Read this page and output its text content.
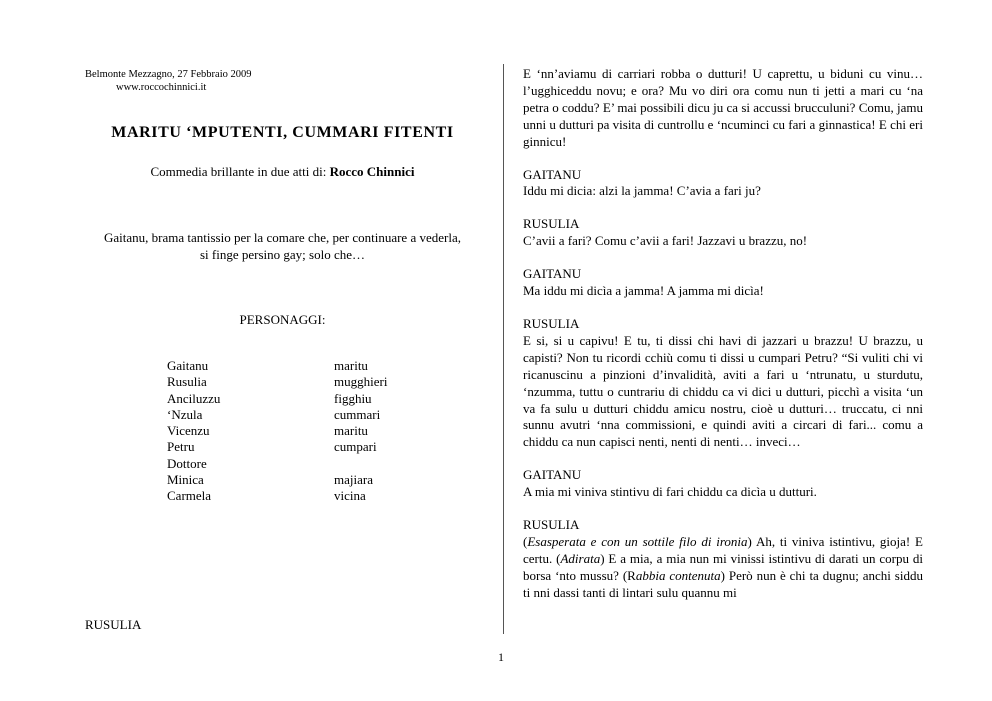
Belmonte Mezzagno, 27 Febbraio 2009
www.roccochinnici.it
MARITU ‘MPUTENTI, CUMMARI FITENTI
Commedia brillante in due atti di: Rocco Chinnici
Gaitanu, brama tantissio per la comare che, per continuare a vederla,
si finge persino gay; solo che…
PERSONAGGI:
Gaitanu	maritu
Rusulia	mugghieri
Anciluzzu	figghiu
‘Nzula	cummari
Vicenzu	maritu
Petru	cumpari
Dottore
Minica	majiara
Carmela	vicina
RUSULIA
1

E ‘nn’aviamu di carriari robba o dutturi! U caprettu, u biduni cu vinu… l’ugghiceddu novu; e ora? Mu vo diri ora comu nun ti jetti a mari cu ‘na petra o coddu? E’ mai possibili dicu ju ca si accussi brucculuni? Comu, jamu unni u dutturi pa visita di cuntrollu e ‘ncuminci cu fari a ginnastica! E chi eri ginnicu!

GAITANU
Iddu mi dicia: alzi la jamma! C’avia a fari ju?

RUSULIA
C’avii a fari? Comu c’avii a fari! Jazzavi u brazzu, no!

GAITANU
Ma iddu mi dicìa a jamma! A jamma mi dicìa!

RUSULIA
E si, si u capivu! E tu, ti dissi chi havi di jazzari u brazzu! U brazzu, u capisti? Non tu ricordi cchiù comu ti dissi u cumpari Petru? “Si vuliti chi vi ricanuscinu a pinzioni d’invalidità, aviti a fari u ‘ntrunatu, u sturdutu, ‘nzumma, tuttu o cuntrariu di chiddu ca vi dici u dutturi, picchì a visita ‘un va fa sulu u dutturi chiddu amicu nostru, cioè u dutturi… truccatu, ci nni sunnu avutri ‘nna commissioni, e quindi aviti a circari di fari... comu a chiddu ca nun capisci nenti, nenti di nenti… inveci…

GAITANU
A mia mi viniva stintivu di fari chiddu ca dicìa u dutturi.

RUSULIA
(Esasperata e con un sottile filo di ironia) Ah, ti viniva istintivu, gioja! E certu. (Adirata) E a mia, a mia nun mi vinissi istintivu di darati un corpu di borsa ‘nto mussu? (Rabbia contenuta) Però nun è chi ta dugnu; anchi siddu ti nni dassi tanti di lintari sulu quannu mi
